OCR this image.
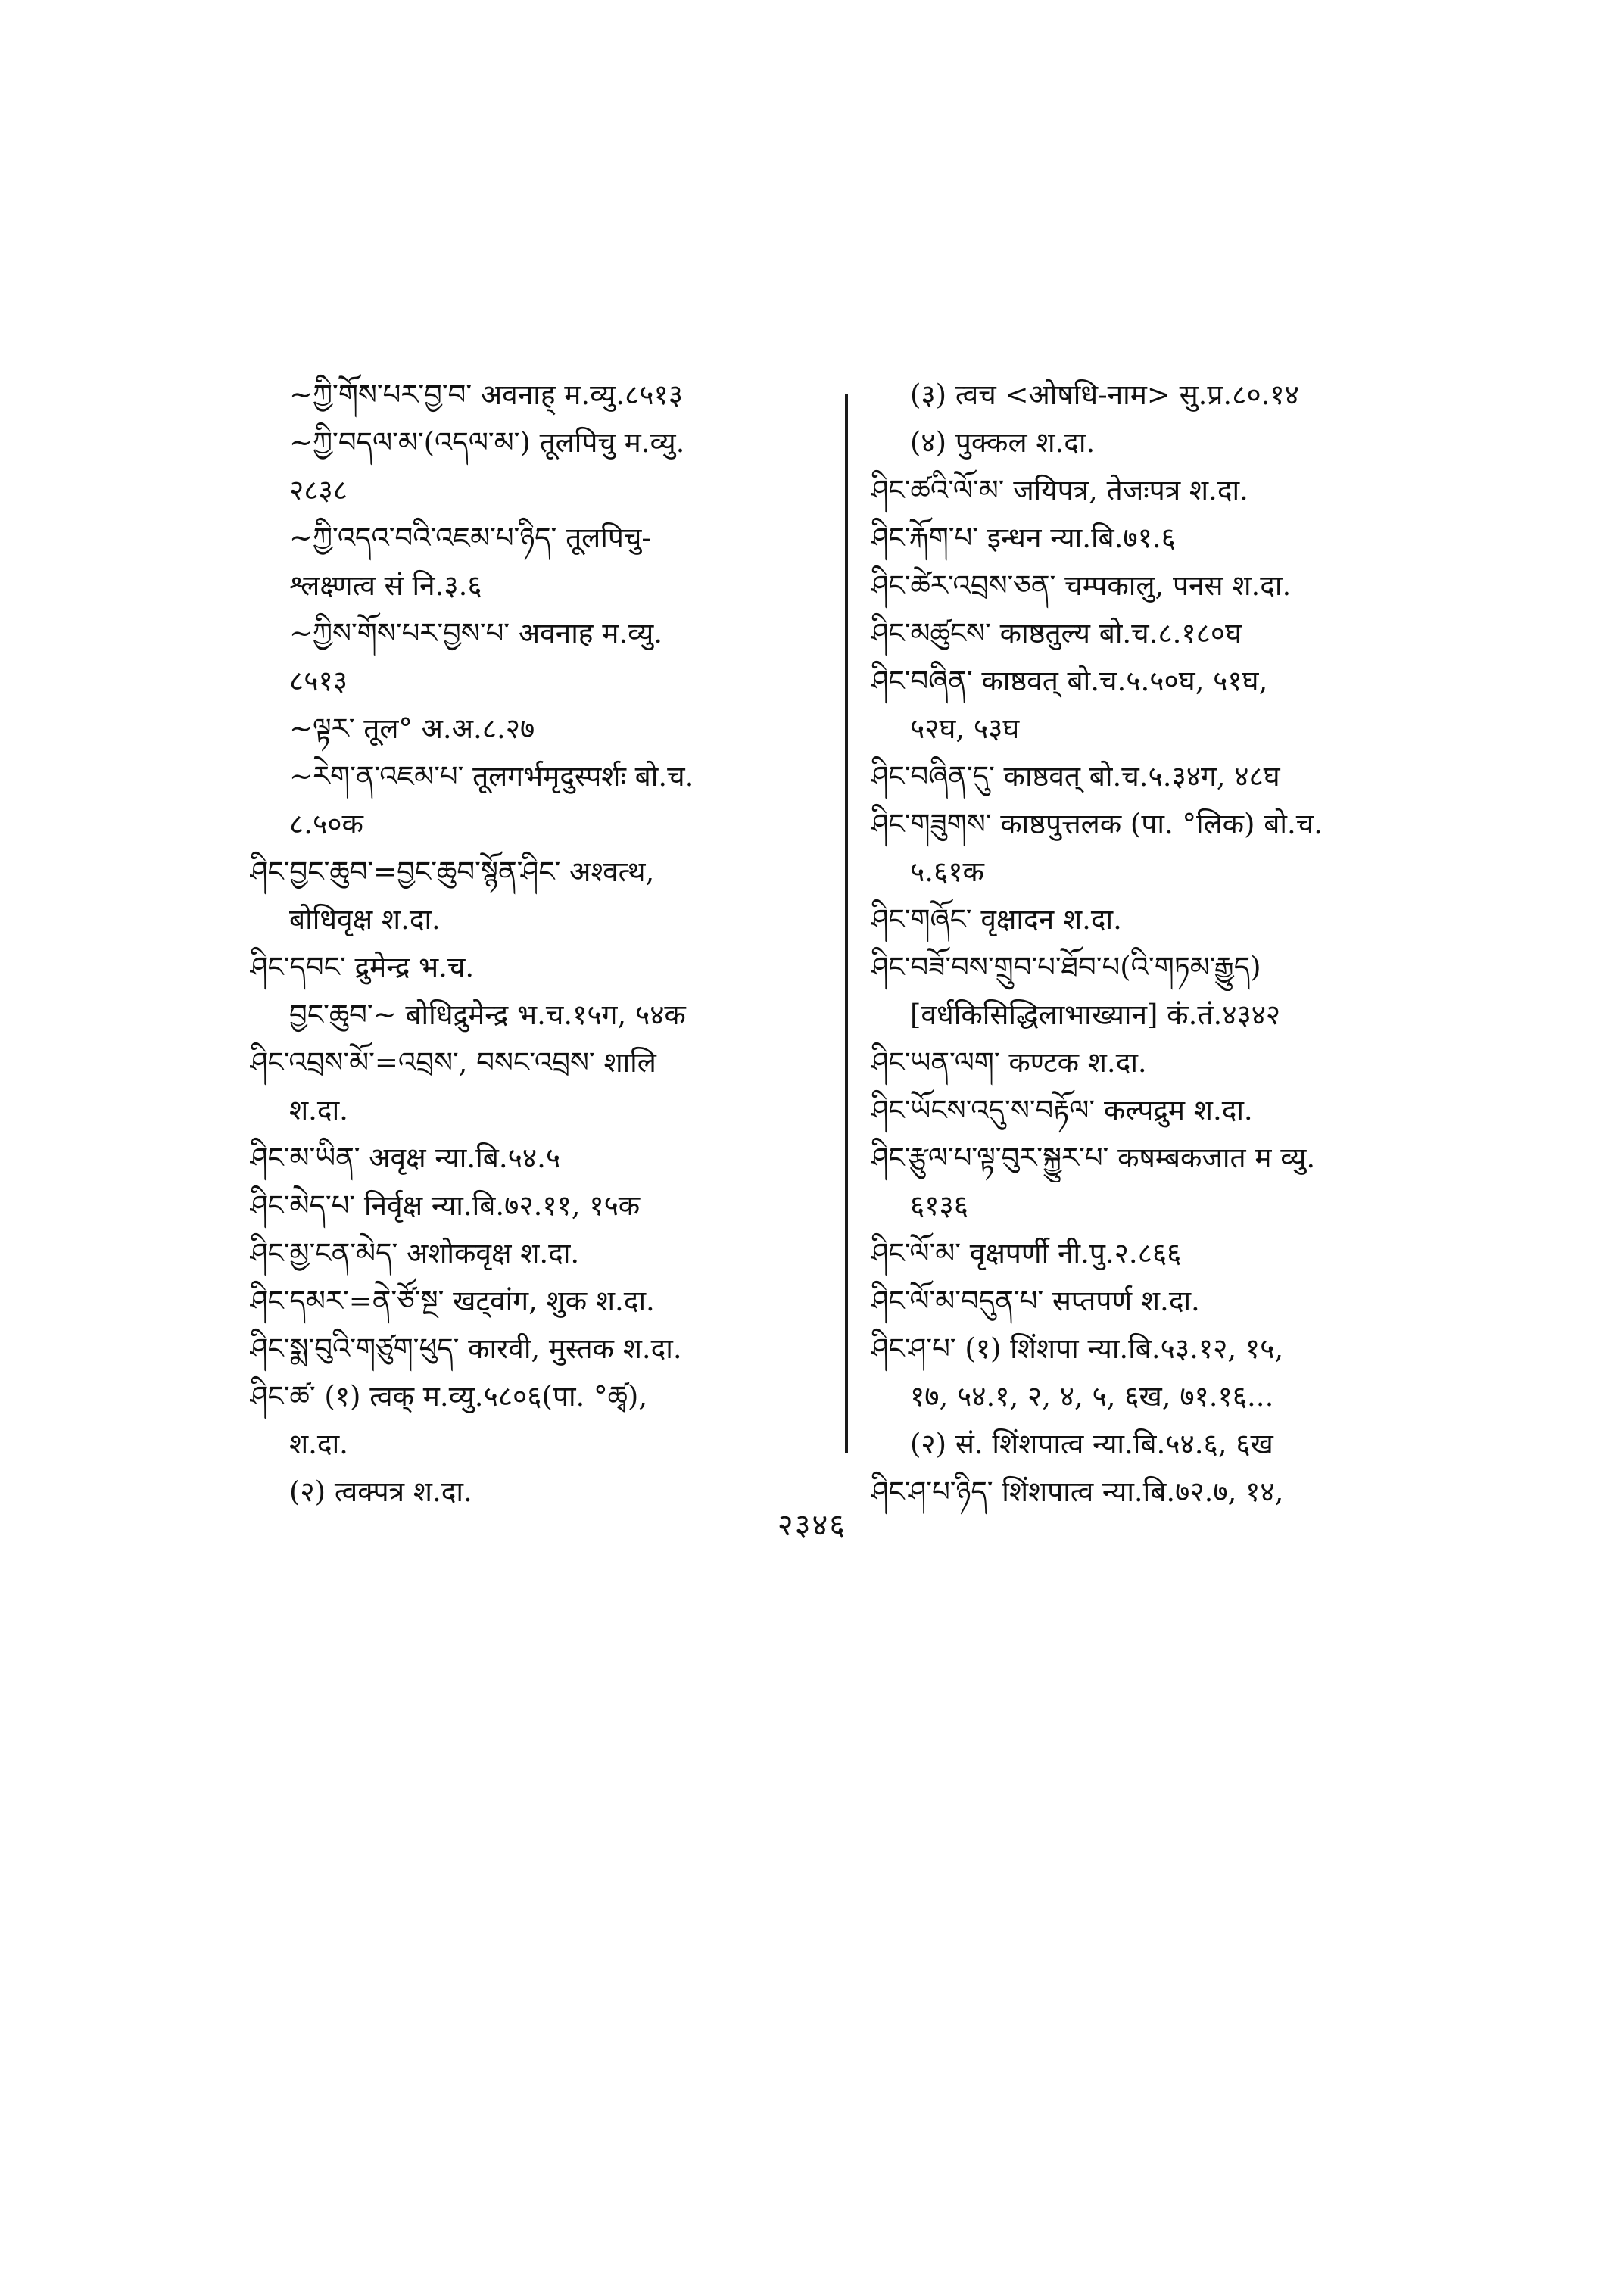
~ཀྱི་གོས་པར་བྱ་བ་ अवनाह् म.व्यु.८५१३
~ཀྱི་བདལ་མ་(འདལ་མ་) तूलपिचु म.व्यु.
२८३८
~ཀྱི་འདའ་བའི་འཇམ་པ་ཉིད་ तूलपिचु-
श्लक्ष्णत्व सं नि.३.६
~ཀྱིས་གོས་པར་བྱས་པ་ अवनाह म.व्यु.
८५१३
~ལྟར་ तूल° अ.अ.८.२७
~རེག་ན་འཇམ་པ་ तूलगर्भमृदुस्पर्शः बो.च.
८.५०क
ཤིང་བྱང་ཆུབ་=བྱང་ཆུབ་སྙོན་ཤིང་ अश्वत्थ,
बोधिवृक्ष श.दा.
ཤིང་དབང་ द्रुमेन्द्र भ.च.
བྱང་ཆུབ་~ बोधिद्रुमेन्द्र भ.च.१५ग, ५४क
ཤིང་འབྲས་མོ་=འབྲས་, བསང་འབྲས་ शालि
श.दा.
ཤིང་མ་ཡིན་ अवृक्ष न्या.बि.५४.५
ཤིང་མེད་པ་ निर्वृक्ष न्या.बि.७२.११, १५क
ཤིང་མྱ་ངན་མེད་ अशोकवृक्ष श.दा.
ཤིང་དམར་=ནེ་ཙོ་སྔ་ खट्वांग, शुक श.दा.
ཤིང་སྨ་བུའི་གཙུག་ཕུད་ कारवी, मुस्तक श.दा.
ཤིང་ཚ་ (१) त्वक् म.व्यु.५८०६(पा. °ཚྭ),
श.दा.
(२) त्वक्पत्र श.दा.
(३) त्वच <ओषधि-नाम> सु.प्र.८०.१४
(४) पुक्कल श.दा.
ཤིང་ཚའི་ལོ་མ་ जयिपत्र, तेजःपत्र श.दा.
ཤིང་རྐོག་པ་ इन्धन न्या.बि.७१.६
ཤིང་ཚེར་འབྲས་ཅན་ चम्पकालु, पनस श.दा.
ཤིང་མཚུངས་ काष्ठतुल्य बो.च.८.१८०घ
ཤིང་བཞིན་ काष्ठवत् बो.च.५.५०घ, ५१घ,
५२घ, ५३घ
ཤིང་བཞིན་དུ་ काष्ठवत् बो.च.५.३४ग, ४८घ
ཤིང་གཟུགས་ काष्ठपुत्तलक (पा. °लिक) बो.च.
५.६१क
ཤིང་གཞོང་ वृक्षादन श.दा.
ཤིང་བཟོ་བས་གྲུབ་པ་ཐོབ་པ(འི་གཏམ་རྒྱུད)
[वर्धकिसिद्धिलाभाख्यान] कं.तं.४३४२
ཤིང་ཡན་ལག་ कण्टक श.दा.
ཤིང་ཡོངས་འདུ་ས་བརྟོལ་ कल्पद्रुम श.दा.
ཤིང་རྩུལ་པ་ལྟ་བུར་སྐྱུར་པ་ कषम्बकजात म व्यु.
६१३६
ཤིང་ལོ་མ་ वृक्षपर्णी नी.पु.२.८६६
ཤིང་ལོ་མ་བདུན་པ་ सप्तपर्ण श.दा.
ཤིང་ཤ་པ་ (१) शिंशपा न्या.बि.५३.१२, १५,
१७, ५४.१, २, ४, ५, ६ख, ७१.१६...
(२) सं. शिंशपात्व न्या.बि.५४.६, ६ख
ཤིང་ཤ་པ་ཉིད་ शिंशपात्व न्या.बि.७२.७, १४,
२३४६
